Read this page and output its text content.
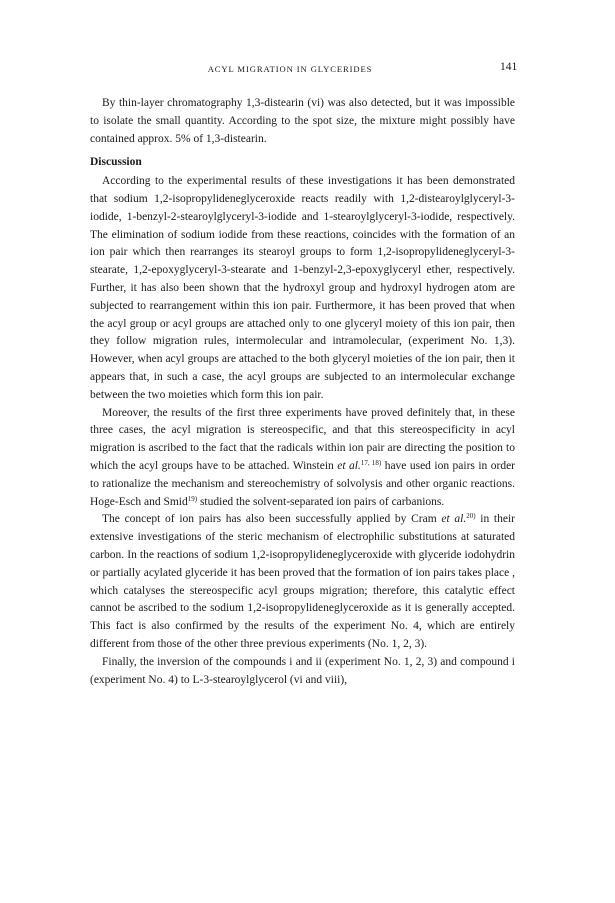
ACYL MIGRATION IN GLYCERIDES	141

By thin-layer chromatography 1,3-distearin (vi) was also detected, but it was impossible to isolate the small quantity. According to the spot size, the mixture might possibly have contained approx. 5% of 1,3-distearin.

Discussion

According to the experimental results of these investigations it has been demonstrated that sodium 1,2-isopropylideneglyceroxide reacts readily with 1,2-distearoylglyceryl-3-iodide, 1-benzyl-2-stearoylglyceryl-3-iodide and 1-stearoylglyceryl-3-iodide, respectively. The elimination of sodium iodide from these reactions, coincides with the formation of an ion pair which then rearranges its stearoyl groups to form 1,2-isopropylideneglyceryl-3-stearate, 1,2-epoxyglyceryl-3-stearate and 1-benzyl-2,3-epoxyglyceryl ether, respectively. Further, it has also been shown that the hydroxyl group and hydroxyl hydrogen atom are subjected to rearrangement within this ion pair. Furthermore, it has been proved that when the acyl group or acyl groups are attached only to one glyceryl moiety of this ion pair, then they follow migration rules, intermolecular and intramolecular, (experiment No. 1,3). However, when acyl groups are attached to the both glyceryl moieties of the ion pair, then it appears that, in such a case, the acyl groups are subjected to an intermolecular exchange between the two moieties which form this ion pair.

Moreover, the results of the first three experiments have proved definitely that, in these three cases, the acyl migration is stereospecific, and that this stereospecificity in acyl migration is ascribed to the fact that the radicals within ion pair are directing the position to which the acyl groups have to be attached. Winstein et al.$^{17, 18)}$ have used ion pairs in order to rationalize the mechanism and stereochemistry of solvolysis and other organic reactions. Hoge-Esch and Smid$^{19)}$ studied the solvent-separated ion pairs of carbanions.

The concept of ion pairs has also been successfully applied by Cram et al.$^{20)}$ in their extensive investigations of the steric mechanism of electrophilic substitutions at saturated carbon. In the reactions of sodium 1,2-isopropylideneglyceroxide with glyceride iodohydrin or partially acylated glyceride it has been proved that the formation of ion pairs takes place , which catalyses the stereospecific acyl groups migration; therefore, this catalytic effect cannot be ascribed to the sodium 1,2-isopropylideneglyceroxide as it is generally accepted. This fact is also confirmed by the results of the experiment No. 4, which are entirely different from those of the other three previous experiments (No. 1, 2, 3).

Finally, the inversion of the compounds i and ii (experiment No. 1, 2, 3) and compound i (experiment No. 4) to L-3-stearoylglycerol (vi and viii),
